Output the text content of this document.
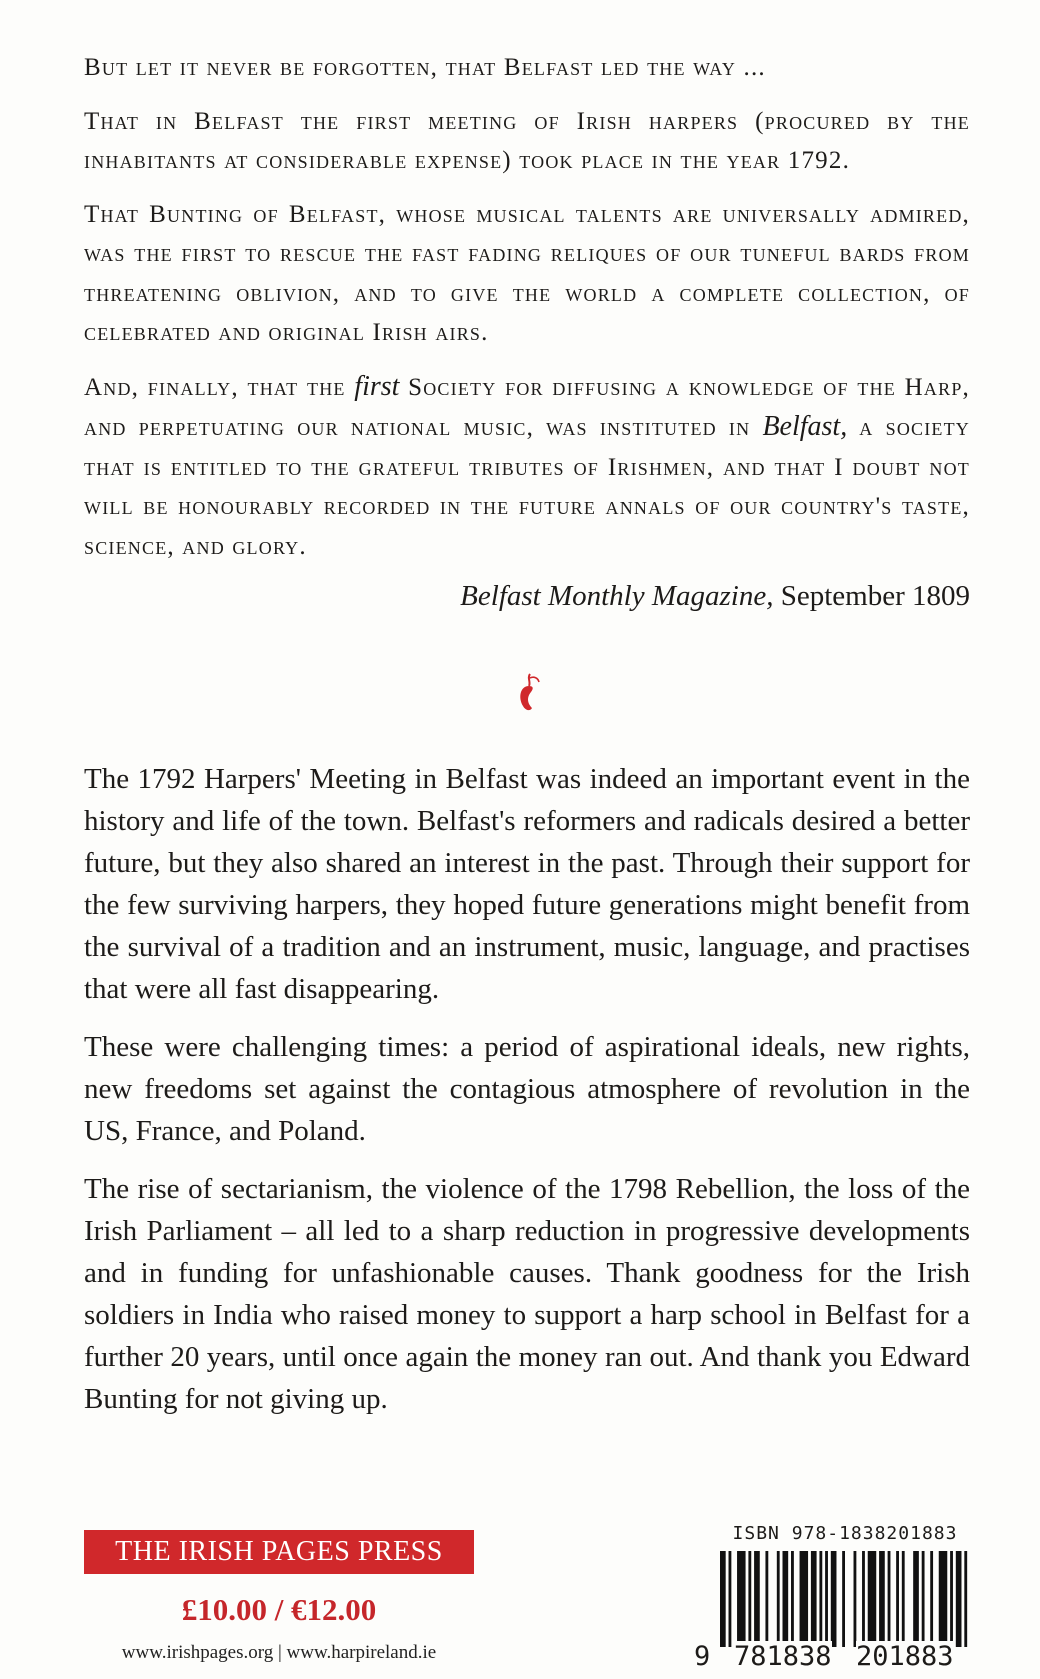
But let it never be forgotten, that Belfast led the way ...

That in Belfast the first meeting of Irish harpers (procured by the inhabitants at considerable expense) took place in the year 1792.

That Bunting of Belfast, whose musical talents are universally admired, was the first to rescue the fast fading reliques of our tuneful bards from threatening oblivion, and to give the world a complete collection, of celebrated and original Irish airs.

And, finally, that the first Society for diffusing a knowledge of the Harp, and perpetuating our national music, was instituted in Belfast, a society that is entitled to the grateful tributes of Irishmen, and that I doubt not will be honourably recorded in the future annals of our country's taste, science, and glory.

Belfast Monthly Magazine, September 1809

The 1792 Harpers' Meeting in Belfast was indeed an important event in the history and life of the town. Belfast's reformers and radicals desired a better future, but they also shared an interest in the past. Through their support for the few surviving harpers, they hoped future generations might benefit from the survival of a tradition and an instrument, music, language, and practises that were all fast disappearing.

These were challenging times: a period of aspirational ideals, new rights, new freedoms set against the contagious atmosphere of revolution in the US, France, and Poland.

The rise of sectarianism, the violence of the 1798 Rebellion, the loss of the Irish Parliament – all led to a sharp reduction in progressive developments and in funding for unfashionable causes. Thank goodness for the Irish soldiers in India who raised money to support a harp school in Belfast for a further 20 years, until once again the money ran out. And thank you Edward Bunting for not giving up.

THE IRISH PAGES PRESS
£10.00 / €12.00
www.irishpages.org | www.harpireland.ie
ISBN 978-1838201883
9 781838 201883
